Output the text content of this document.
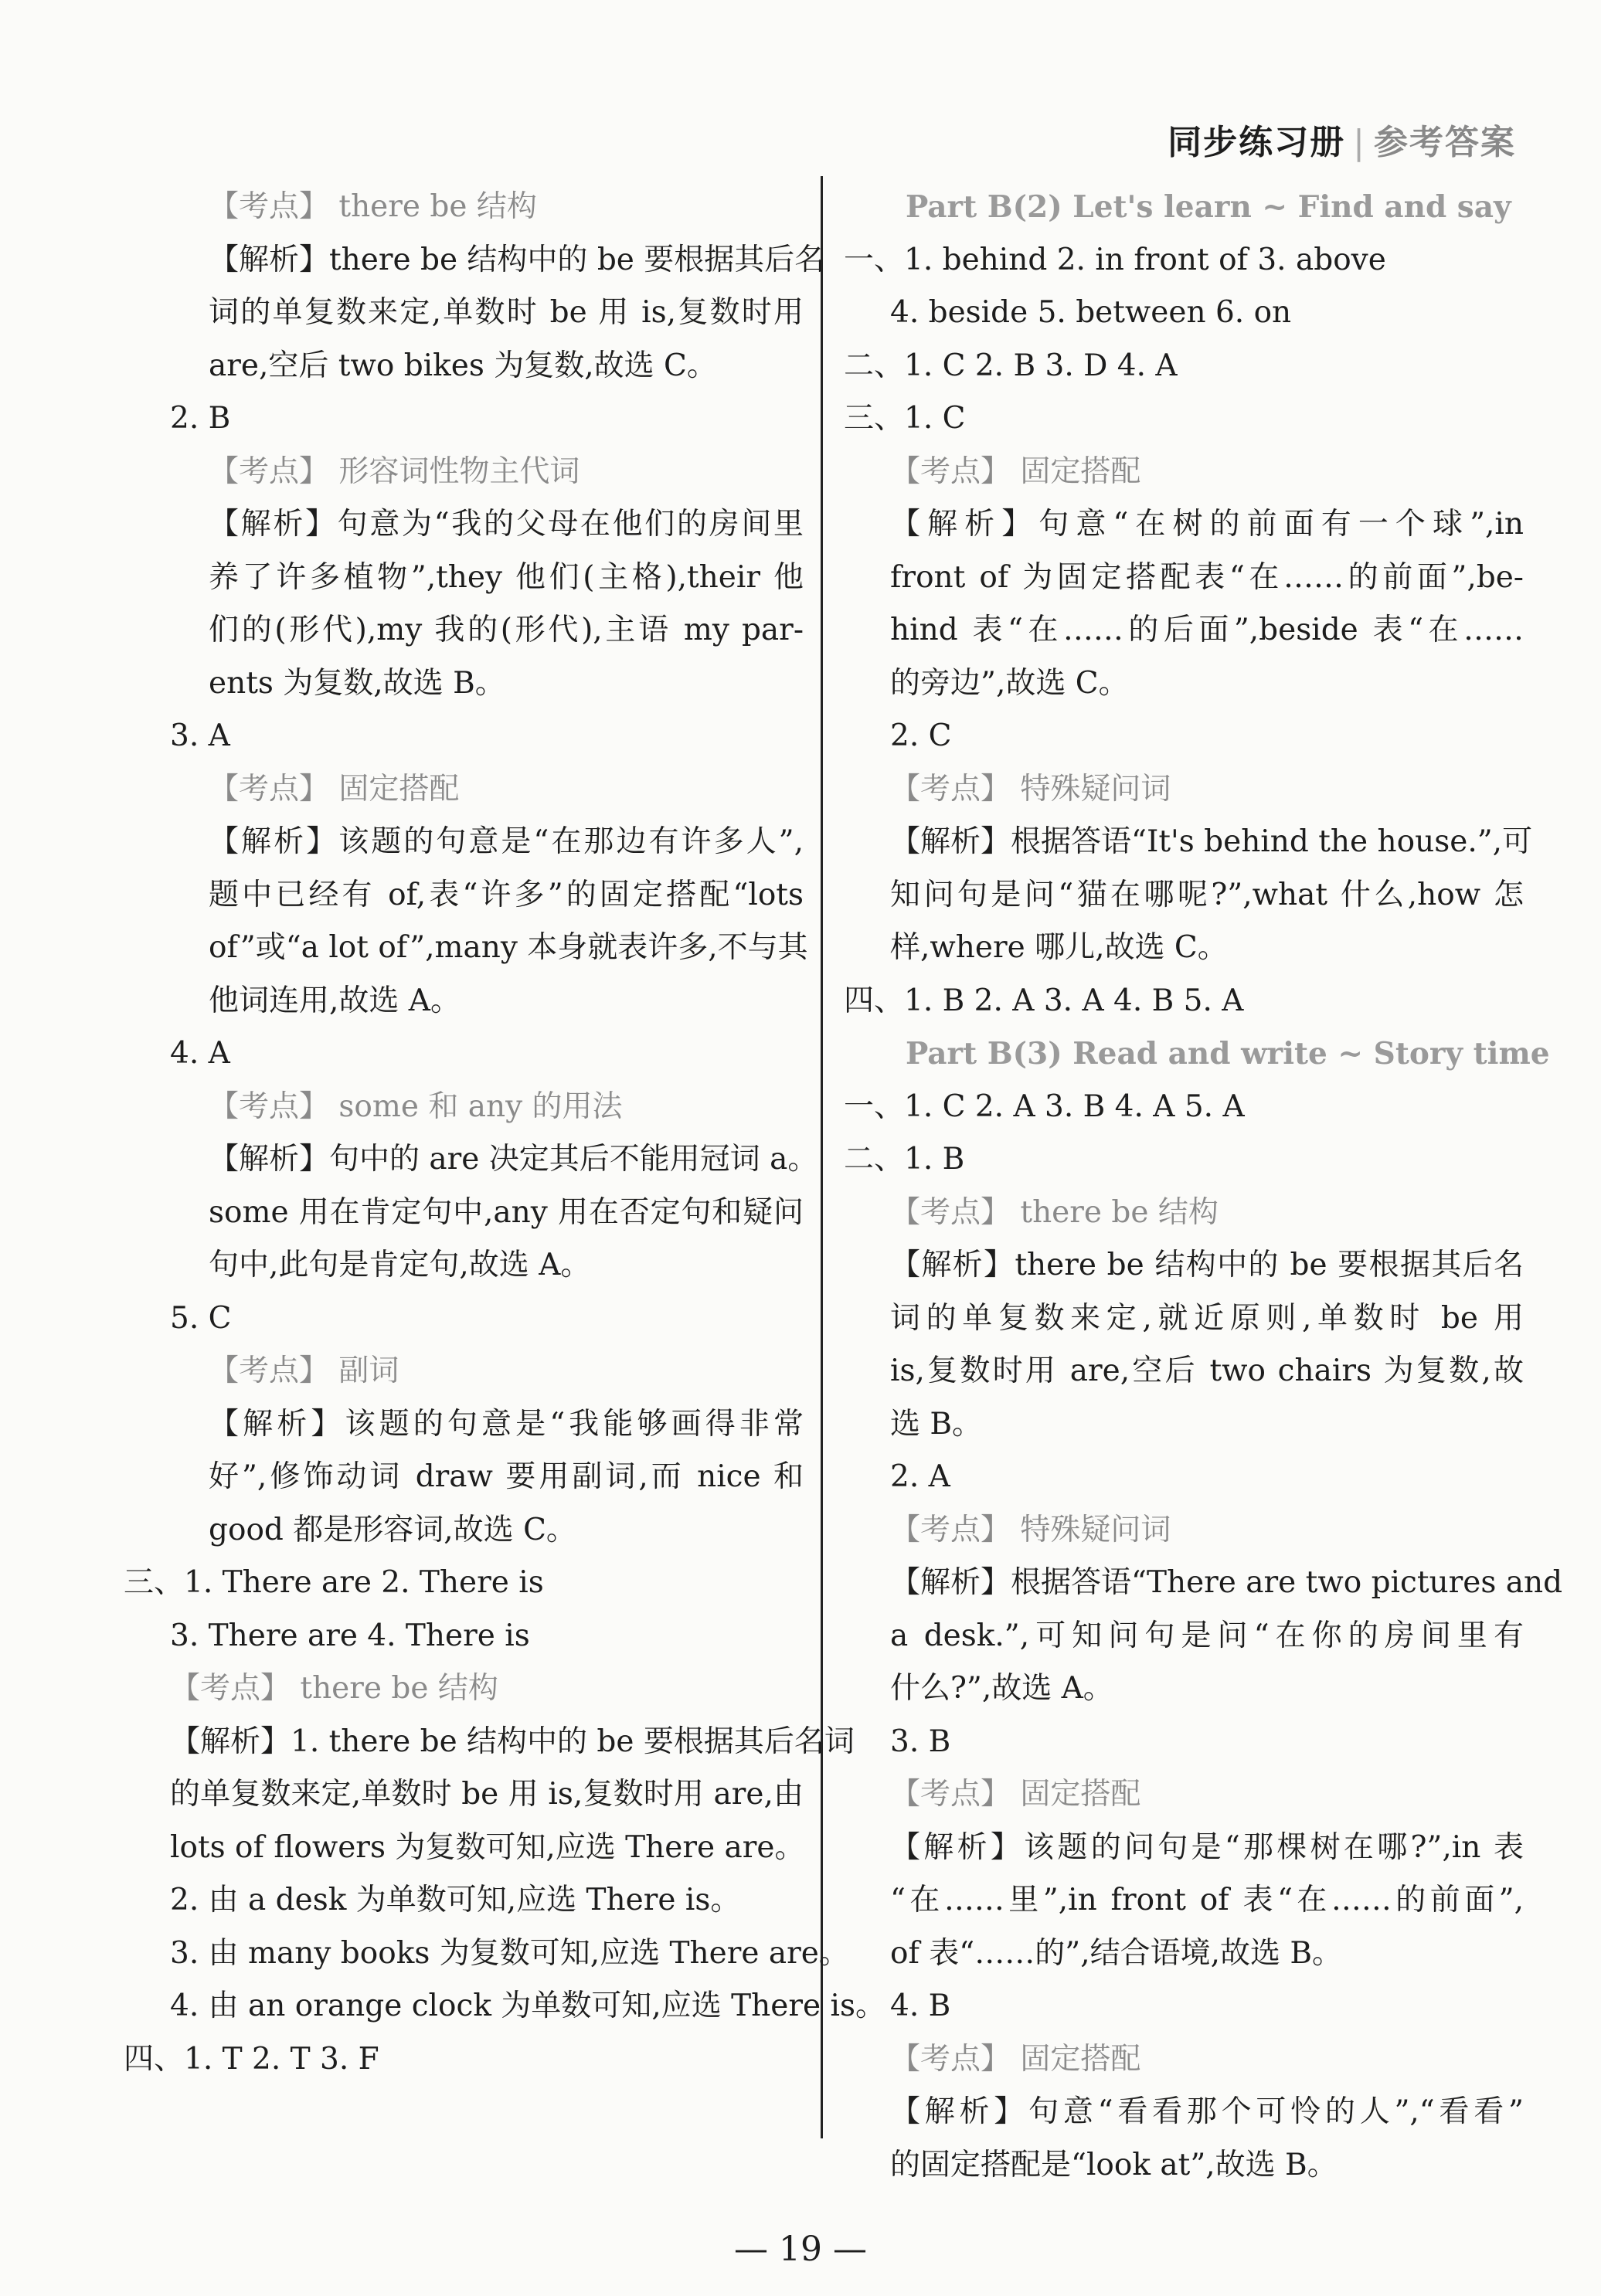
同步练习册 | 参考答案
【考点】 there be 结构
【解析】there be 结构中的 be 要根据其后名
词的单复数来定,单数时 be 用 is,复数时用
are,空后 two bikes 为复数,故选 C。
2. B
【考点】 形容词性物主代词
【解析】句意为“我的父母在他们的房间里
养了许多植物”,they 他们(主格),their 他
们的(形代),my 我的(形代),主语 my par-
ents 为复数,故选 B。
3. A
【考点】 固定搭配
【解析】该题的句意是“在那边有许多人”,
题中已经有 of,表“许多”的固定搭配“lots
of”或“a lot of”,many 本身就表许多,不与其
他词连用,故选 A。
4. A
【考点】 some 和 any 的用法
【解析】句中的 are 决定其后不能用冠词 a。
some 用在肯定句中,any 用在否定句和疑问
句中,此句是肯定句,故选 A。
5. C
【考点】 副词
【解析】该题的句意是“我能够画得非常
好”,修饰动词 draw 要用副词,而 nice 和
good 都是形容词,故选 C。
三、1. There are 2. There is
3. There are 4. There is
【考点】 there be 结构
【解析】1. there be 结构中的 be 要根据其后名词
的单复数来定,单数时 be 用 is,复数时用 are,由
lots of flowers 为复数可知,应选 There are。
2. 由 a desk 为单数可知,应选 There is。
3. 由 many books 为复数可知,应选 There are。
4. 由 an orange clock 为单数可知,应选 There is。
四、1. T 2. T 3. F
Part B(2) Let's learn ~ Find and say
一、1. behind 2. in front of 3. above
4. beside 5. between 6. on
二、1. C 2. B 3. D 4. A
三、1. C
【考点】 固定搭配
【解析】句意“在树的前面有一个球”,in
front of 为固定搭配表“在……的前面”,be-
hind 表“在……的后面”,beside 表“在……
的旁边”,故选 C。
2. C
【考点】 特殊疑问词
【解析】根据答语“It's behind the house.”,可
知问句是问“猫在哪呢?”,what 什么,how 怎
样,where 哪儿,故选 C。
四、1. B 2. A 3. A 4. B 5. A
Part B(3) Read and write ~ Story time
一、1. C 2. A 3. B 4. A 5. A
二、1. B
【考点】 there be 结构
【解析】there be 结构中的 be 要根据其后名
词的单复数来定,就近原则,单数时 be 用
is,复数时用 are,空后 two chairs 为复数,故
选 B。
2. A
【考点】 特殊疑问词
【解析】根据答语“There are two pictures and
a desk.”,可知问句是问“在你的房间里有
什么?”,故选 A。
3. B
【考点】 固定搭配
【解析】该题的问句是“那棵树在哪?”,in 表
“在……里”,in front of 表“在……的前面”,
of 表“……的”,结合语境,故选 B。
4. B
【考点】 固定搭配
【解析】句意“看看那个可怜的人”,“看看”
的固定搭配是“look at”,故选 B。
— 19 —
